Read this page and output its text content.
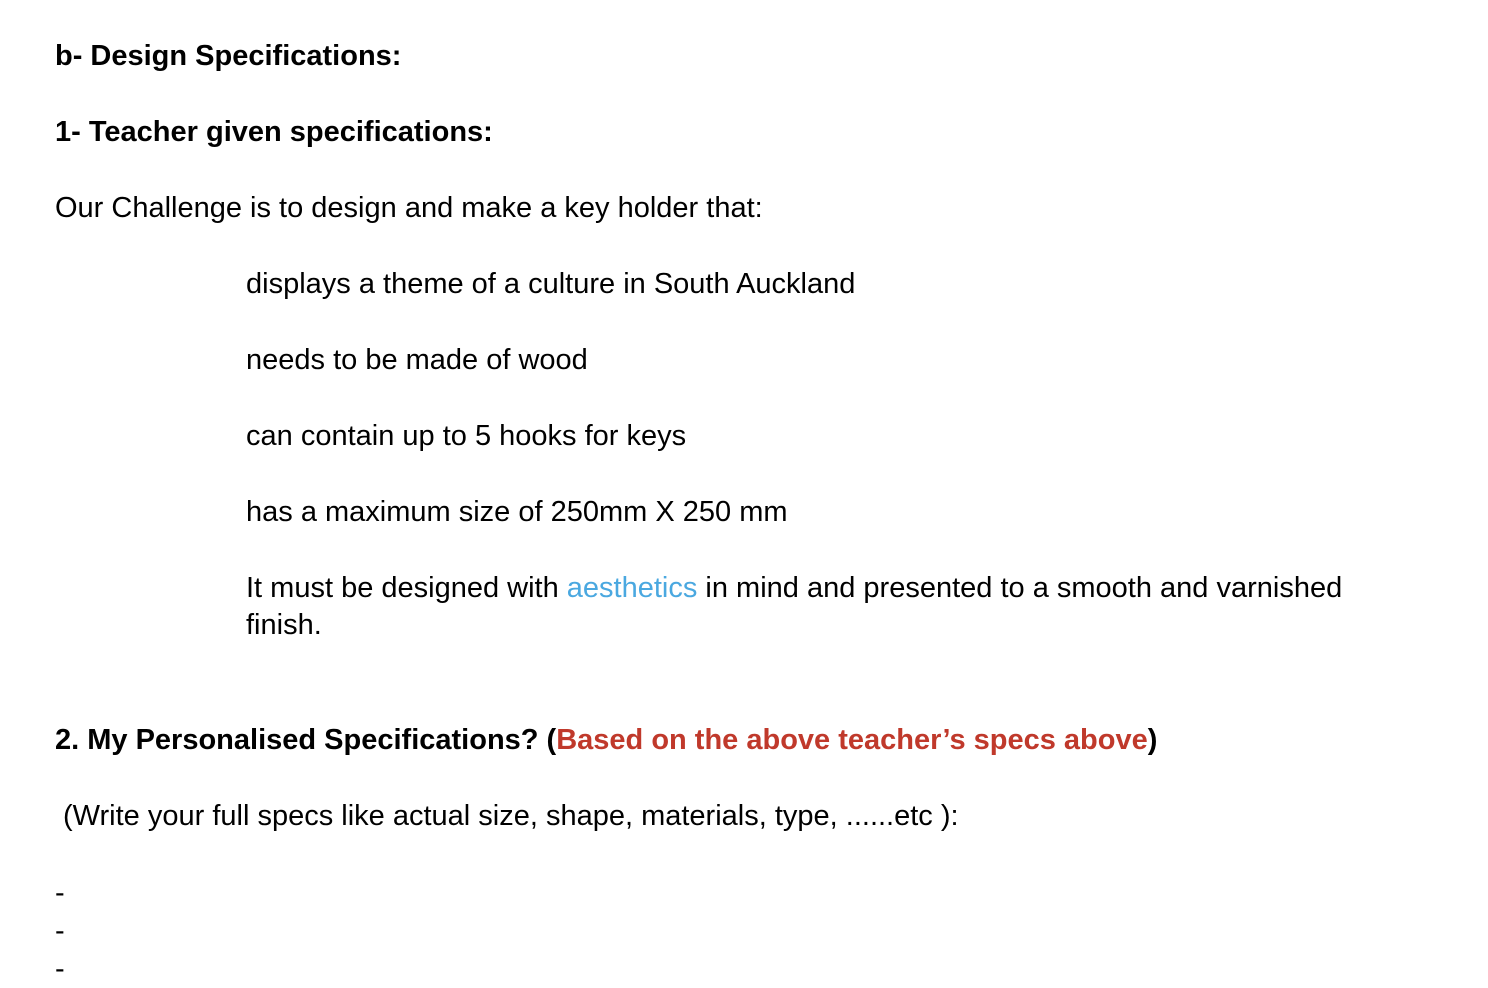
b- Design Specifications:

1- Teacher given specifications:

Our Challenge is to design and make a key holder that:

displays a theme of a culture in South Auckland

needs to be made of wood

can contain up to 5 hooks for keys

has a maximum size of 250mm X 250 mm

It must be designed with aesthetics in mind and presented to a smooth and varnished

finish.

2. My Personalised Specifications? (Based on the above teacher’s specs above)

(Write your full specs like actual size, shape, materials, type, ......etc ):

-

-

-
